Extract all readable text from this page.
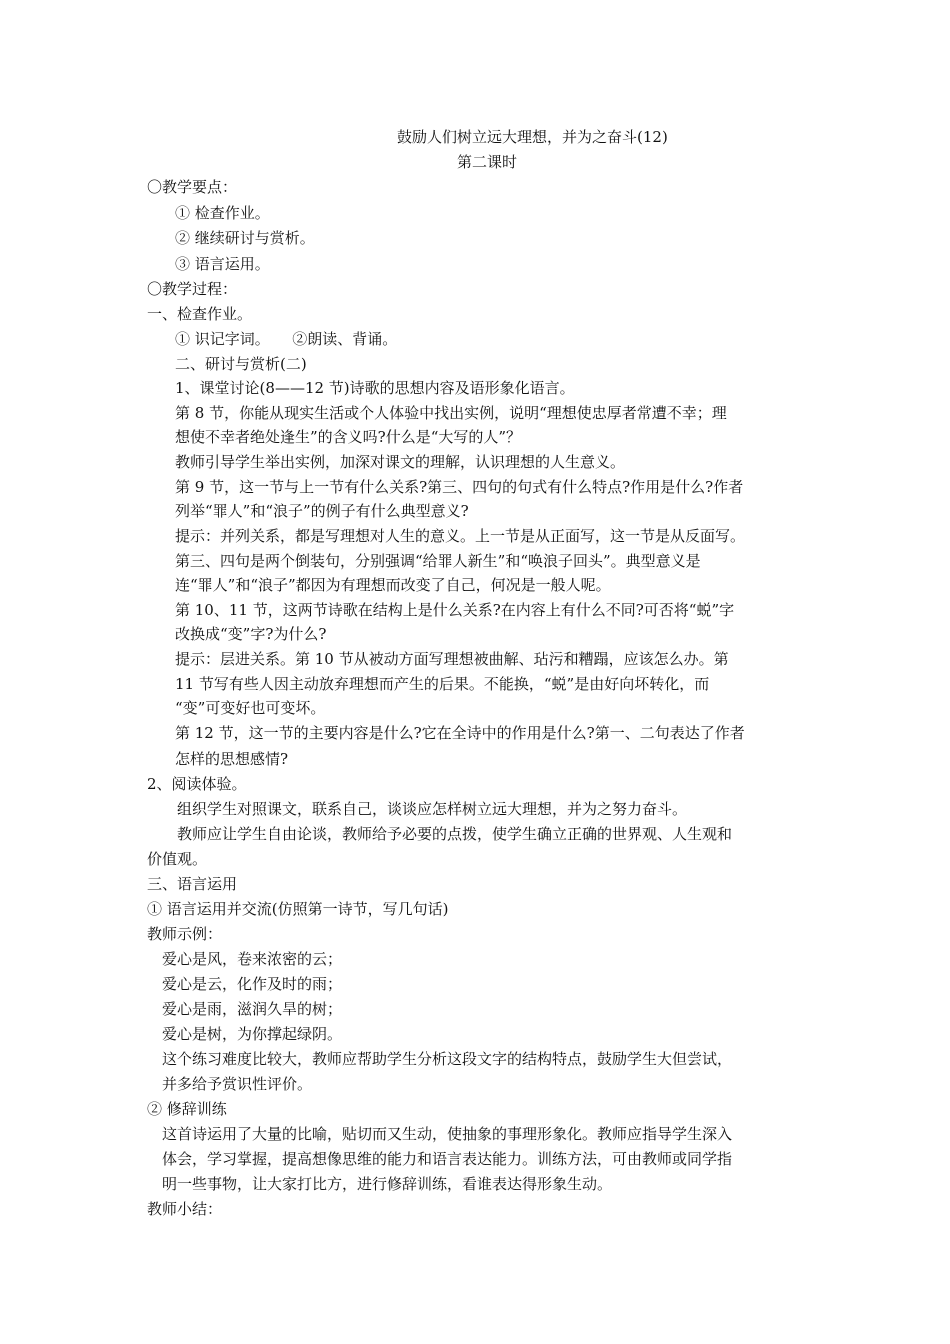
鼓励人们树立远大理想，并为之奋斗(12)

第二课时

〇教学要点：

① 检查作业。

② 继续研讨与赏析。

③ 语言运用。

〇教学过程：

一、检查作业。

① 识记字词。　　②朗读、背诵。

二、研讨与赏析(二)

1、课堂讨论(8——12 节)诗歌的思想内容及语形象化语言。

第 8 节，你能从现实生活或个人体验中找出实例，说明“理想使忠厚者常遭不幸；理

想使不幸者绝处逢生”的含义吗?什么是“大写的人”？

教师引导学生举出实例，加深对课文的理解，认识理想的人生意义。

第 9 节，这一节与上一节有什么关系?第三、四句的句式有什么特点?作用是什么?作者

列举“罪人”和“浪子”的例子有什么典型意义?

提示：并列关系，都是写理想对人生的意义。上一节是从正面写，这一节是从反面写。

第三、四句是两个倒装句，分别强调“给罪人新生”和“唤浪子回头”。典型意义是

连“罪人”和“浪子”都因为有理想而改变了自己，何况是一般人呢。

第 10、11 节，这两节诗歌在结构上是什么关系?在内容上有什么不同?可否将“蜕”字

改换成“变”字?为什么?

提示：层进关系。第 10 节从被动方面写理想被曲解、玷污和糟蹋，应该怎么办。第

11 节写有些人因主动放弃理想而产生的后果。不能换，“蜕”是由好向坏转化，而

“变”可变好也可变坏。

第 12 节，这一节的主要内容是什么?它在全诗中的作用是什么?第一、二句表达了作者

怎样的思想感情?

2、阅读体验。

　　组织学生对照课文，联系自己，谈谈应怎样树立远大理想，并为之努力奋斗。

　　教师应让学生自由论谈，教师给予必要的点拨，使学生确立正确的世界观、人生观和

价值观。

三、语言运用

① 语言运用并交流(仿照第一诗节，写几句话)

教师示例：

爱心是风，卷来浓密的云；

爱心是云，化作及时的雨；

爱心是雨，滋润久旱的树；

爱心是树，为你撑起绿阴。

这个练习难度比较大，教师应帮助学生分析这段文字的结构特点，鼓励学生大但尝试，

并多给予赏识性评价。

② 修辞训练

这首诗运用了大量的比喻，贴切而又生动，使抽象的事理形象化。教师应指导学生深入

体会，学习掌握，提高想像思维的能力和语言表达能力。训练方法，可由教师或同学指

明一些事物，让大家打比方，进行修辞训练，看谁表达得形象生动。

教师小结：
